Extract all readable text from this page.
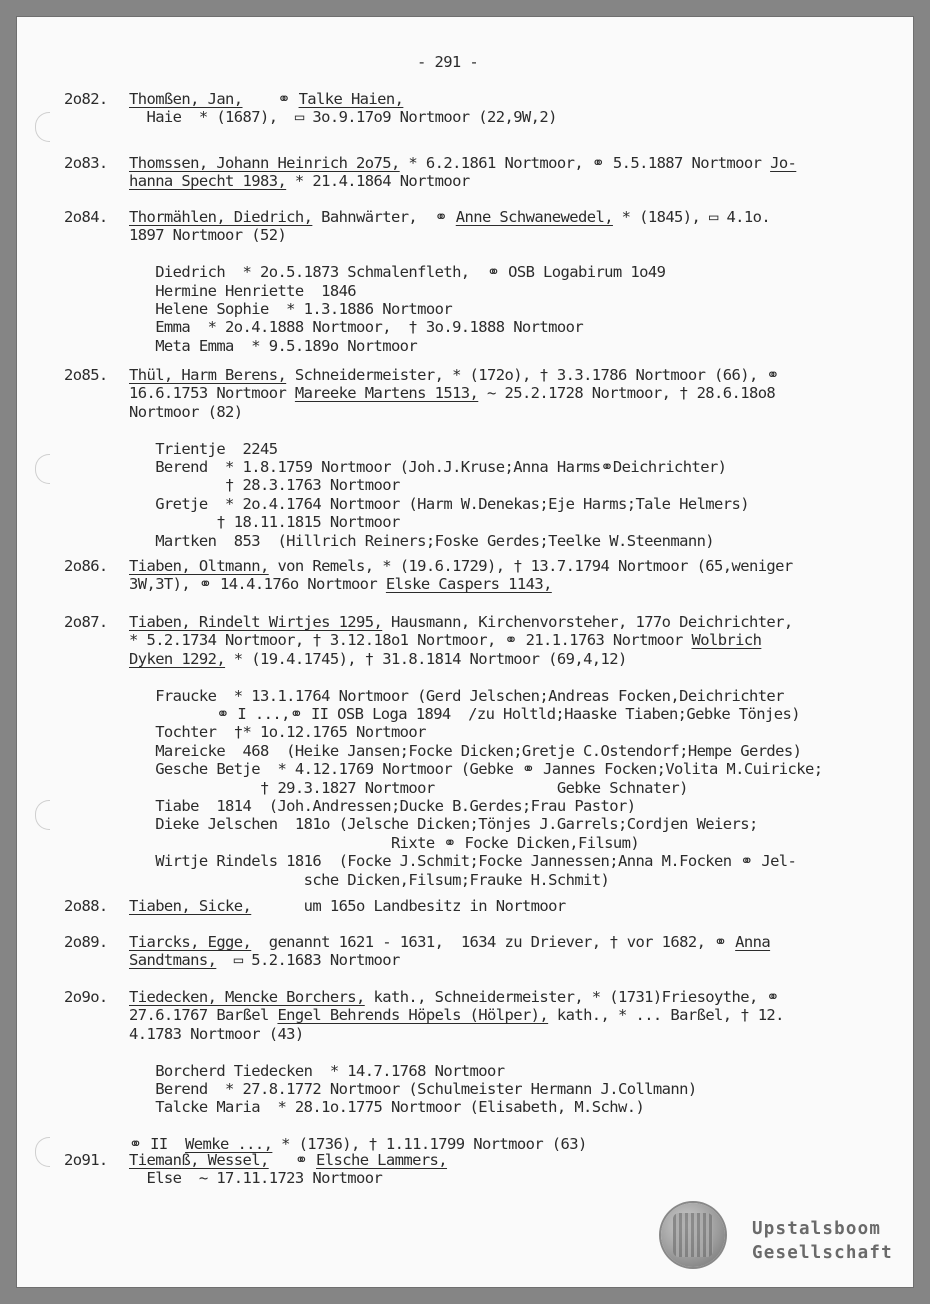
- 291 -
2o82. Thomßen, Jan,    ⚭ Talke Haien,
Haie  * (1687),  ▭ 3o.9.17o9 Nortmoor (22,9W,2)
2o83. Thomssen, Johann Heinrich 2o75, * 6.2.1861 Nortmoor, ⚭ 5.5.1887 Nortmoor Jo-
hanna Specht 1983, * 21.4.1864 Nortmoor
2o84. Thormählen, Diedrich, Bahnwärter,  ⚭ Anne Schwanewedel, * (1845), ▭ 4.1o.
1897 Nortmoor (52)
Diedrich  * 2o.5.1873 Schmalenfleth,  ⚭ OSB Logabirum 1o49
Hermine Henriette  1846
Helene Sophie  * 1.3.1886 Nortmoor
Emma  * 2o.4.1888 Nortmoor,  † 3o.9.1888 Nortmoor
Meta Emma  * 9.5.189o Nortmoor
2o85. Thül, Harm Berens, Schneidermeister, * (172o), † 3.3.1786 Nortmoor (66), ⚭
16.6.1753 Nortmoor Mareeke Martens 1513, ~ 25.2.1728 Nortmoor, † 28.6.18o8
Nortmoor (82)
Trientje  2245
Berend  * 1.8.1759 Nortmoor (Joh.J.Kruse;Anna Harms⚭Deichrichter)
† 28.3.1763 Nortmoor
Gretje  * 2o.4.1764 Nortmoor (Harm W.Denekas;Eje Harms;Tale Helmers)
† 18.11.1815 Nortmoor
Martken  853  (Hillrich Reiners;Foske Gerdes;Teelke W.Steenmann)
2o86. Tiaben, Oltmann, von Remels, * (19.6.1729), † 13.7.1794 Nortmoor (65,weniger
3W,3T), ⚭ 14.4.176o Nortmoor Elske Caspers 1143,
2o87. Tiaben, Rindelt Wirtjes 1295, Hausmann, Kirchenvorsteher, 177o Deichrichter,
* 5.2.1734 Nortmoor, † 3.12.18o1 Nortmoor, ⚭ 21.1.1763 Nortmoor Wolbrich
Dyken 1292, * (19.4.1745), † 31.8.1814 Nortmoor (69,4,12)
Fraucke  * 13.1.1764 Nortmoor (Gerd Jelschen;Andreas Focken,Deichrichter
⚭ I ...,⚭ II OSB Loga 1894  /zu Holtld;Haaske Tiaben;Gebke Tönjes)
Tochter  †* 1o.12.1765 Nortmoor
Mareicke  468  (Heike Jansen;Focke Dicken;Gretje C.Ostendorf;Hempe Gerdes)
Gesche Betje  * 4.12.1769 Nortmoor (Gebke ⚭ Jannes Focken;Volita M.Cuiricke;
† 29.3.1827 Nortmoor              Gebke Schnater)
Tiabe  1814  (Joh.Andressen;Ducke B.Gerdes;Frau Pastor)
Dieke Jelschen  181o (Jelsche Dicken;Tönjes J.Garrels;Cordjen Weiers;
Rixte ⚭ Focke Dicken,Filsum)
Wirtje Rindels 1816  (Focke J.Schmit;Focke Jannessen;Anna M.Focken ⚭ Jel-
sche Dicken,Filsum;Frauke H.Schmit)
2o88. Tiaben, Sicke,      um 165o Landbesitz in Nortmoor
2o89. Tiarcks, Egge,  genannt 1621 - 1631,  1634 zu Driever, † vor 1682, ⚭ Anna
Sandtmans,  ▭ 5.2.1683 Nortmoor
2o9o. Tiedecken, Mencke Borchers, kath., Schneidermeister, * (1731)Friesoythe, ⚭
27.6.1767 Barßel Engel Behrends Höpels (Hölper), kath., * ... Barßel, † 12.
4.1783 Nortmoor (43)
Borcherd Tiedecken  * 14.7.1768 Nortmoor
Berend  * 27.8.1772 Nortmoor (Schulmeister Hermann J.Collmann)
Talcke Maria  * 28.1o.1775 Nortmoor (Elisabeth, M.Schw.)
⚭ II  Wemke ..., * (1736), † 1.11.1799 Nortmoor (63)
2o91. Tiemanß, Wessel,   ⚭ Elsche Lammers,
Else  ~ 17.11.1723 Nortmoor
Upstalsboom
Gesellschaft
